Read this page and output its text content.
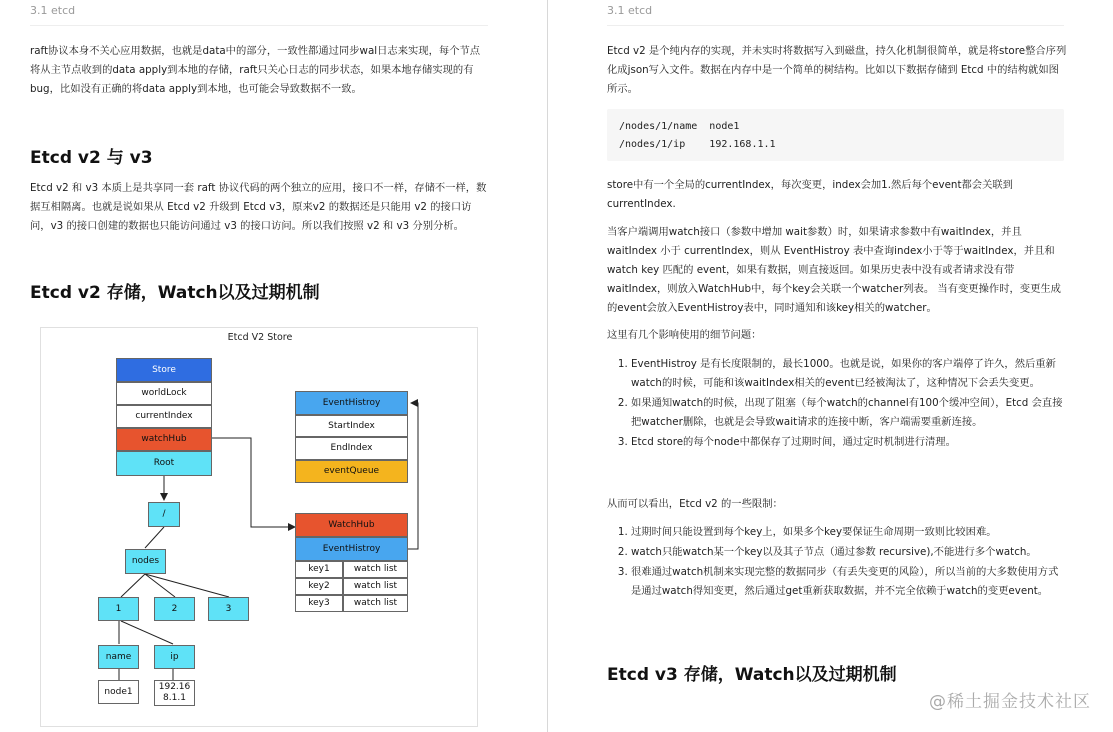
3.1 etcd

raft协议本身不关心应用数据，也就是data中的部分，一致性都通过同步wal日志来实现，每个节点将从主节点收到的data apply到本地的存储，raft只关心日志的同步状态，如果本地存储实现的有bug，比如没有正确的将data apply到本地，也可能会导致数据不一致。

Etcd v2 与 v3

Etcd v2 和 v3 本质上是共享同一套 raft 协议代码的两个独立的应用，接口不一样，存储不一样，数据互相隔离。也就是说如果从 Etcd v2 升级到 Etcd v3，原来v2 的数据还是只能用 v2 的接口访问，v3 的接口创建的数据也只能访问通过 v3 的接口访问。所以我们按照 v2 和 v3 分别分析。

Etcd v2 存储，Watch以及过期机制
Etcd V2 Store
Store
worldLock
currentIndex
watchHub
Root
EventHistroy
StartIndex
EndIndex
eventQueue
WatchHub
EventHistroy
key1	watch list
key2	watch list
key3	watch list
/
nodes
1	2	3
name	ip
node1	192.16
8.1.1
3.1 etcd

Etcd v2 是个纯内存的实现，并未实时将数据写入到磁盘，持久化机制很简单，就是将store整合序列化成json写入文件。数据在内存中是一个简单的树结构。比如以下数据存储到 Etcd 中的结构就如图所示。

/nodes/1/name  node1
/nodes/1/ip    192.168.1.1

store中有一个全局的currentIndex，每次变更，index会加1.然后每个event都会关联到currentIndex.

当客户端调用watch接口（参数中增加 wait参数）时，如果请求参数中有waitIndex，并且waitIndex 小于 currentIndex，则从 EventHistroy 表中查询index小于等于waitIndex，并且和watch key 匹配的 event，如果有数据，则直接返回。如果历史表中没有或者请求没有带 waitIndex，则放入WatchHub中，每个key会关联一个watcher列表。 当有变更操作时，变更生成的event会放入EventHistroy表中，同时通知和该key相关的watcher。

这里有几个影响使用的细节问题：

1. EventHistroy 是有长度限制的，最长1000。也就是说，如果你的客户端停了许久，然后重新watch的时候，可能和该waitIndex相关的event已经被淘汰了，这种情况下会丢失变更。
2. 如果通知watch的时候，出现了阻塞（每个watch的channel有100个缓冲空间），Etcd 会直接把watcher删除，也就是会导致wait请求的连接中断，客户端需要重新连接。
3. Etcd store的每个node中都保存了过期时间，通过定时机制进行清理。

从而可以看出，Etcd v2 的一些限制：

1. 过期时间只能设置到每个key上，如果多个key要保证生命周期一致则比较困难。
2. watch只能watch某一个key以及其子节点（通过参数 recursive),不能进行多个watch。
3. 很难通过watch机制来实现完整的数据同步（有丢失变更的风险），所以当前的大多数使用方式是通过watch得知变更，然后通过get重新获取数据，并不完全依赖于watch的变更event。
Etcd v3 存储，Watch以及过期机制
@稀土掘金技术社区
